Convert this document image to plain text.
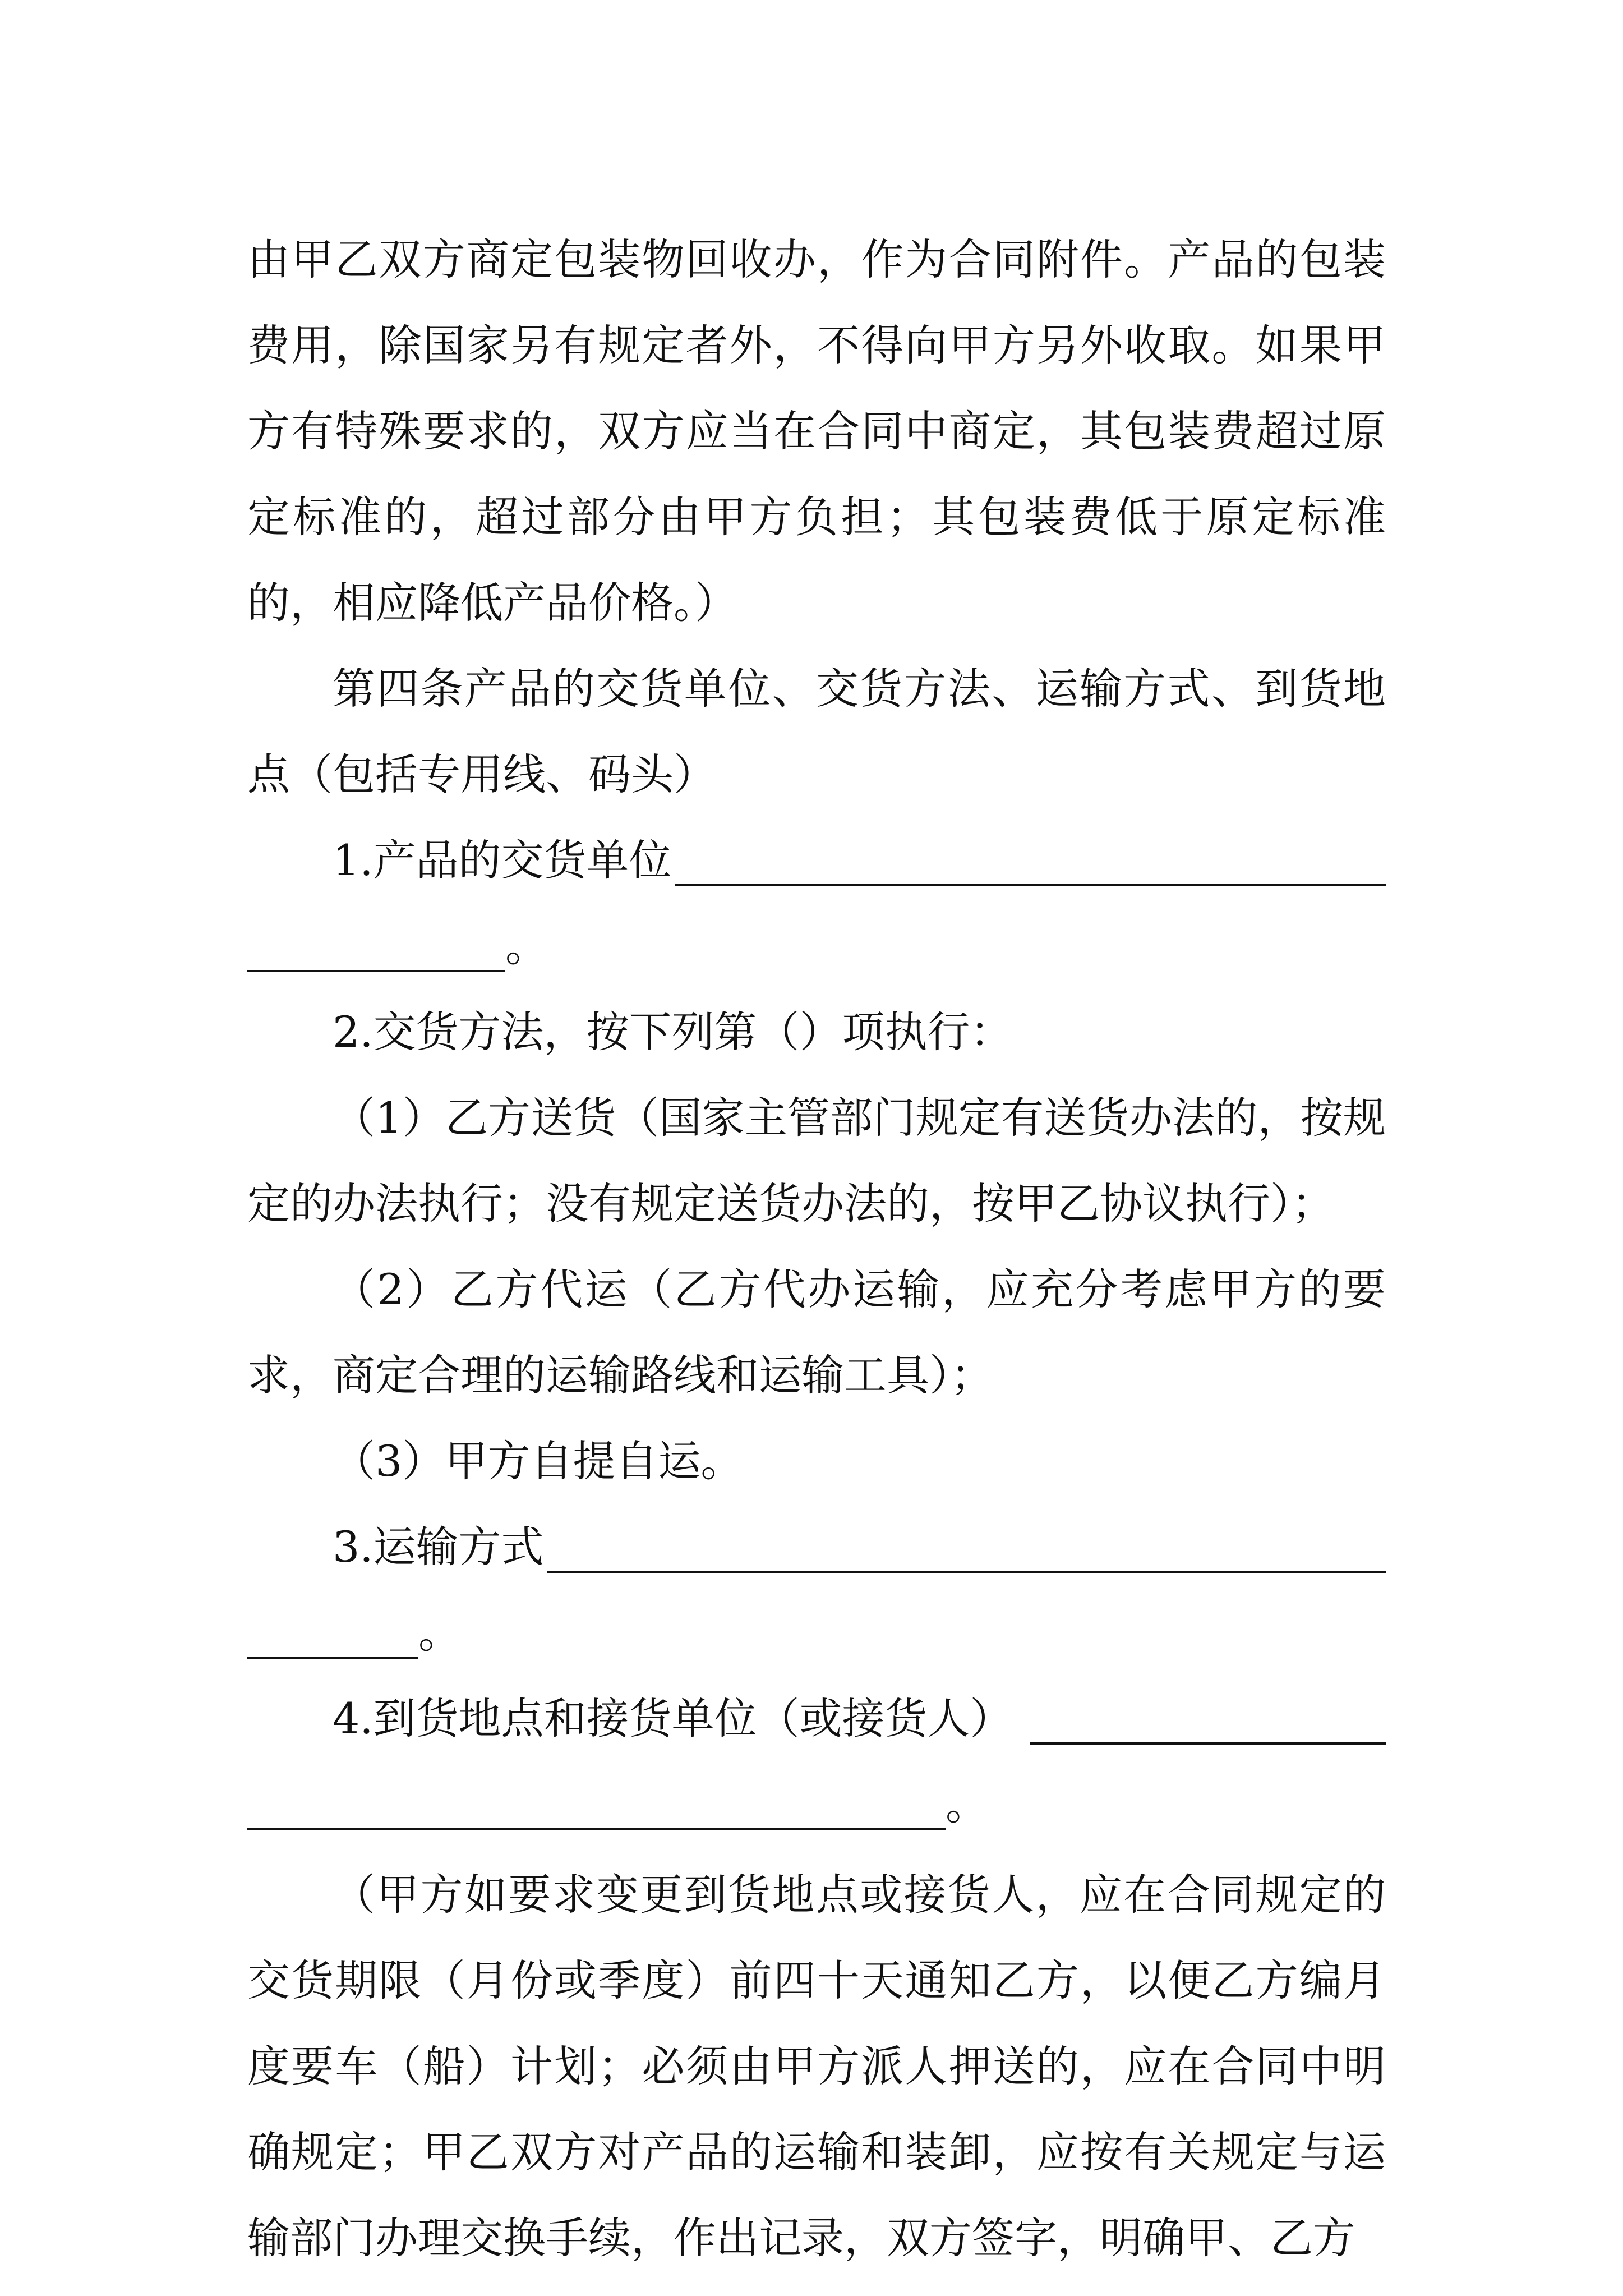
由甲乙双方商定包装物回收办，作为合同附件。产品的包装费用，除国家另有规定者外，不得向甲方另外收取。如果甲方有特殊要求的，双方应当在合同中商定，其包装费超过原定标准的，超过部分由甲方负担；其包装费低于原定标准的，相应降低产品价格。）

第四条产品的交货单位、交货方法、运输方式、到货地点（包括专用线、码头）

1.产品的交货单位
。

2.交货方法，按下列第（）项执行：

（1）乙方送货（国家主管部门规定有送货办法的，按规定的办法执行；没有规定送货办法的，按甲乙协议执行）；

（2）乙方代运（乙方代办运输，应充分考虑甲方的要求，商定合理的运输路线和运输工具）；

（3）甲方自提自运。

3.运输方式
。
4.到货地点和接货单位（或接货人）
。

（甲方如要求变更到货地点或接货人，应在合同规定的交货期限（月份或季度）前四十天通知乙方，以便乙方编月度要车（船）计划；必须由甲方派人押送的，应在合同中明确规定；甲乙双方对产品的运输和装卸，应按有关规定与运输部门办理交换手续，作出记录，双方签字，明确甲、乙方
